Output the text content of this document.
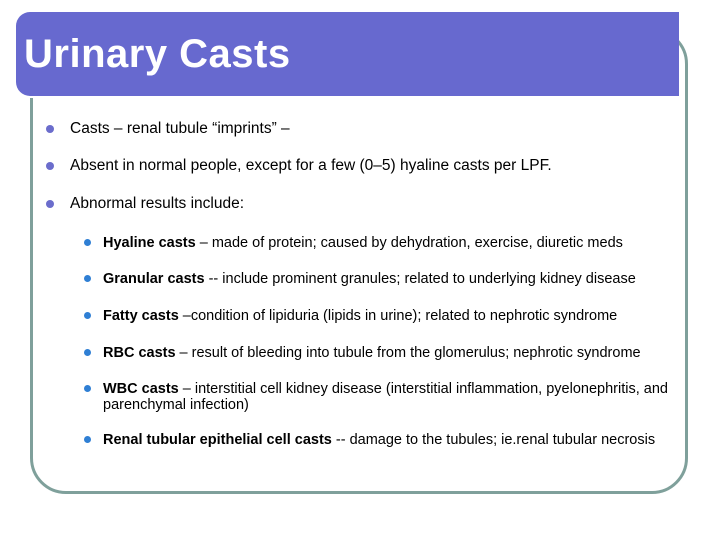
Urinary Casts
Casts – renal tubule “imprints” –
Absent in normal people, except for a few (0–5) hyaline casts per LPF.
Abnormal results include:
Hyaline casts – made of protein; caused by dehydration, exercise, diuretic meds
Granular casts -- include prominent granules; related to underlying kidney disease
Fatty casts –condition of lipiduria (lipids in urine); related to nephrotic syndrome
RBC casts – result of bleeding into tubule from the glomerulus; nephrotic syndrome
WBC casts – interstitial cell kidney disease (interstitial inflammation, pyelonephritis, and parenchymal infection)
Renal tubular epithelial cell casts -- damage to the tubules; ie.renal tubular necrosis
